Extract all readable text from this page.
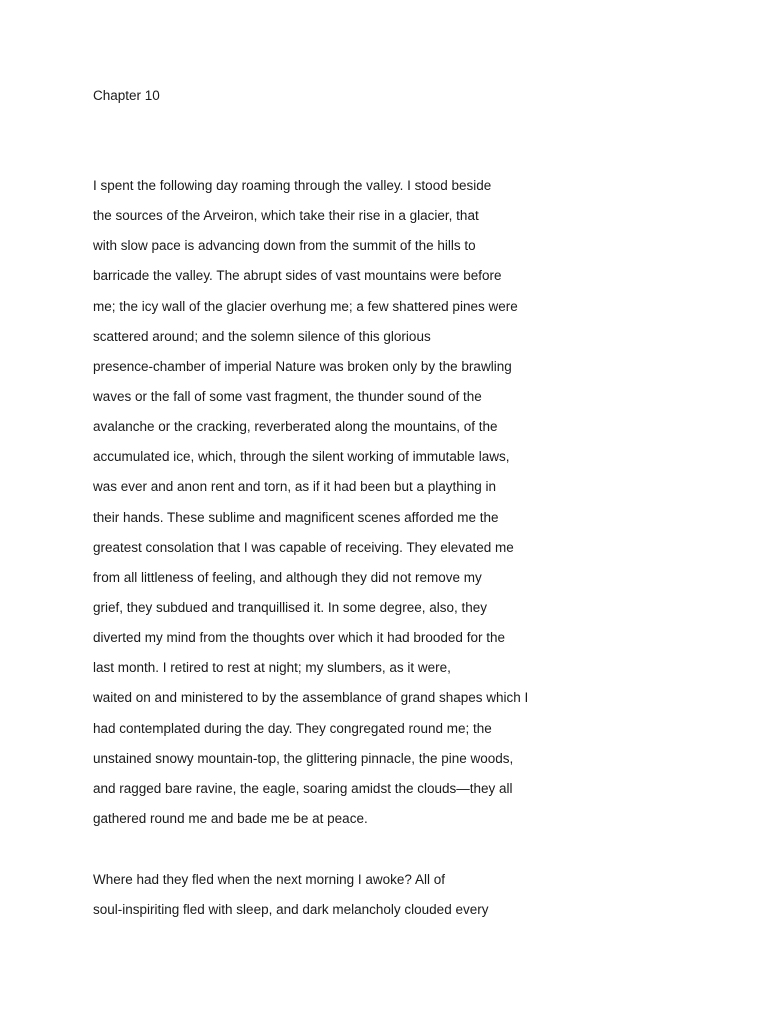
Chapter 10

I spent the following day roaming through the valley. I stood beside
the sources of the Arveiron, which take their rise in a glacier, that
with slow pace is advancing down from the summit of the hills to
barricade the valley. The abrupt sides of vast mountains were before
me; the icy wall of the glacier overhung me; a few shattered pines were
scattered around; and the solemn silence of this glorious
presence-chamber of imperial Nature was broken only by the brawling
waves or the fall of some vast fragment, the thunder sound of the
avalanche or the cracking, reverberated along the mountains, of the
accumulated ice, which, through the silent working of immutable laws,
was ever and anon rent and torn, as if it had been but a plaything in
their hands. These sublime and magnificent scenes afforded me the
greatest consolation that I was capable of receiving. They elevated me
from all littleness of feeling, and although they did not remove my
grief, they subdued and tranquillised it. In some degree, also, they
diverted my mind from the thoughts over which it had brooded for the
last month. I retired to rest at night; my slumbers, as it were,
waited on and ministered to by the assemblance of grand shapes which I
had contemplated during the day. They congregated round me; the
unstained snowy mountain-top, the glittering pinnacle, the pine woods,
and ragged bare ravine, the eagle, soaring amidst the clouds—they all
gathered round me and bade me be at peace.

Where had they fled when the next morning I awoke? All of
soul-inspiriting fled with sleep, and dark melancholy clouded every
